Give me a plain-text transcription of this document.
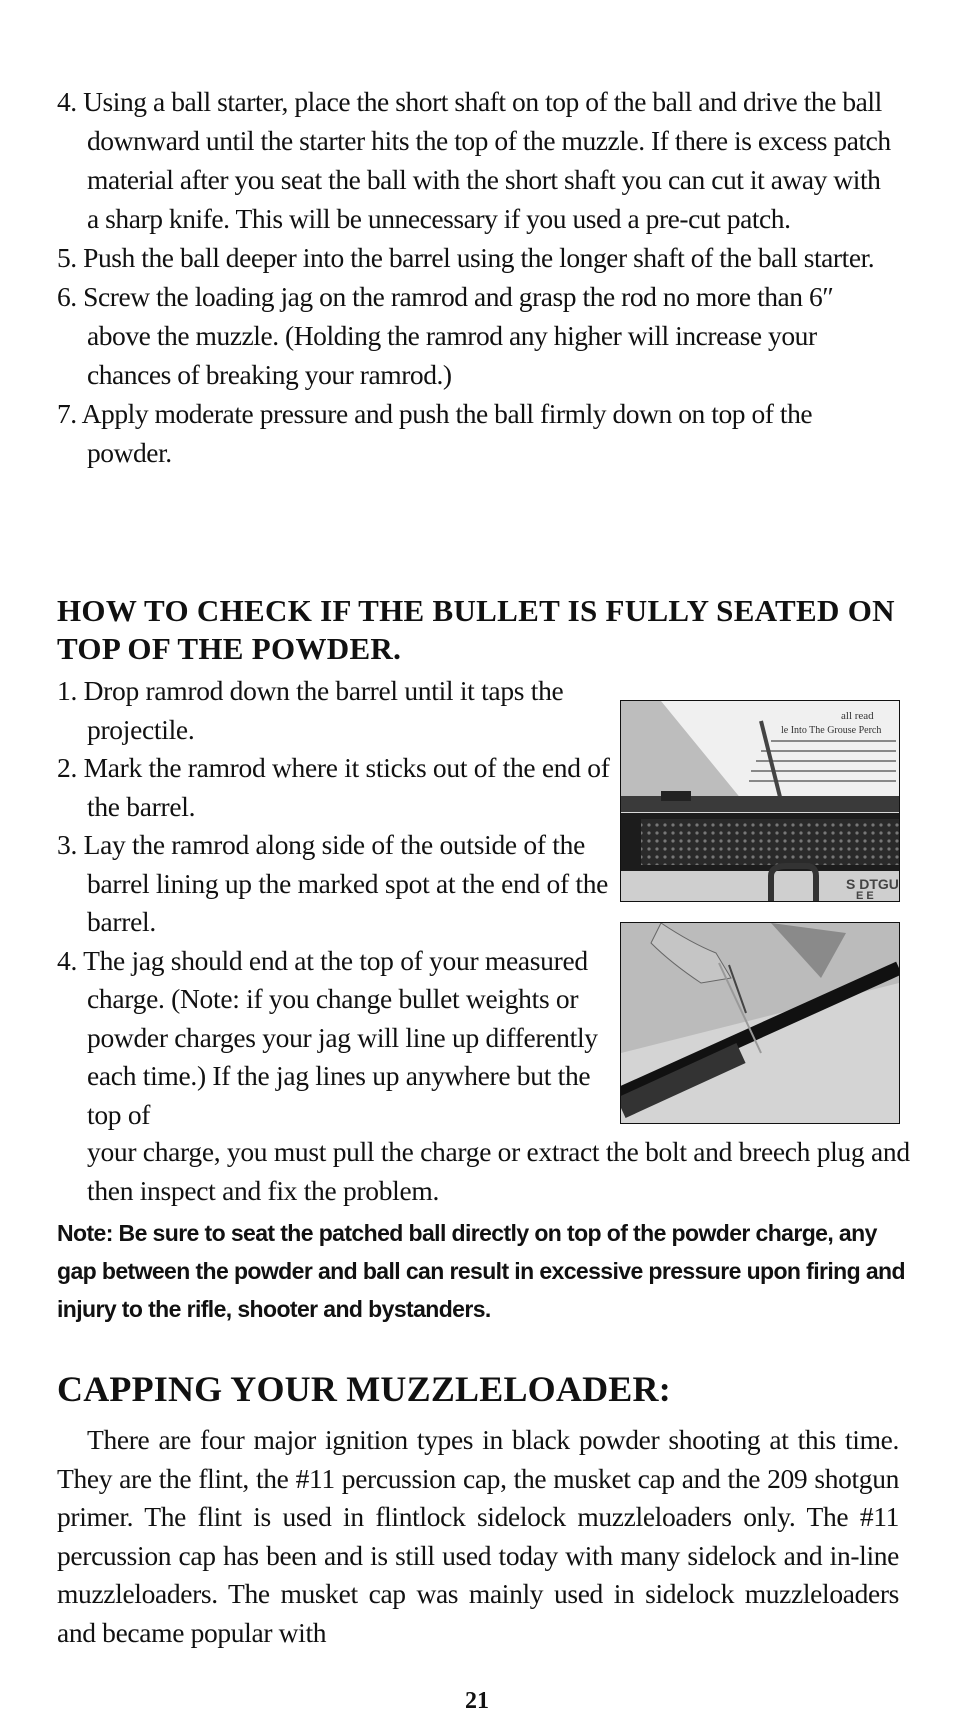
4. Using a ball starter, place the short shaft on top of the ball and drive the ball downward until the starter hits the top of the muzzle. If there is excess patch material after you seat the ball with the short shaft you can cut it away with a sharp knife. This will be unnecessary if you used a pre-cut patch.
5. Push the ball deeper into the barrel using the longer shaft of the ball starter.
6. Screw the loading jag on the ramrod and grasp the rod no more than 6″ above the muzzle. (Holding the ramrod any higher will increase your chances of breaking your ramrod.)
7. Apply moderate pressure and push the ball firmly down on top of the powder.
HOW TO CHECK IF THE BULLET IS FULLY SEATED ON TOP OF THE POWDER.
1. Drop ramrod down the barrel until it taps the projectile.
2. Mark the ramrod where it sticks out of the end of the barrel.
3. Lay the ramrod along side of the outside of the barrel lining up the marked spot at the end of the barrel.
4. The jag should end at the top of your measured charge. (Note: if you change bullet weights or powder charges your jag will line up differently each time.) If the jag lines up anywhere but the top of

your charge, you must pull the charge or extract the bolt and breech plug and then inspect and fix the problem.

all read
le Into The Grouse Perch
S DTGU
E E

Note: Be sure to seat the patched ball directly on top of the powder charge, any gap between the powder and ball can result in excessive pressure upon firing and injury to the rifle, shooter and bystanders.

CAPPING YOUR MUZZLELOADER:

There are four major ignition types in black powder shooting at this time. They are the flint, the #11 percussion cap, the musket cap and the 209 shotgun primer. The flint is used in flintlock sidelock muzzleloaders only. The #11 percussion cap has been and is still used today with many sidelock and in-line muzzleloaders. The musket cap was mainly used in sidelock muzzleloaders and became popular with

21
